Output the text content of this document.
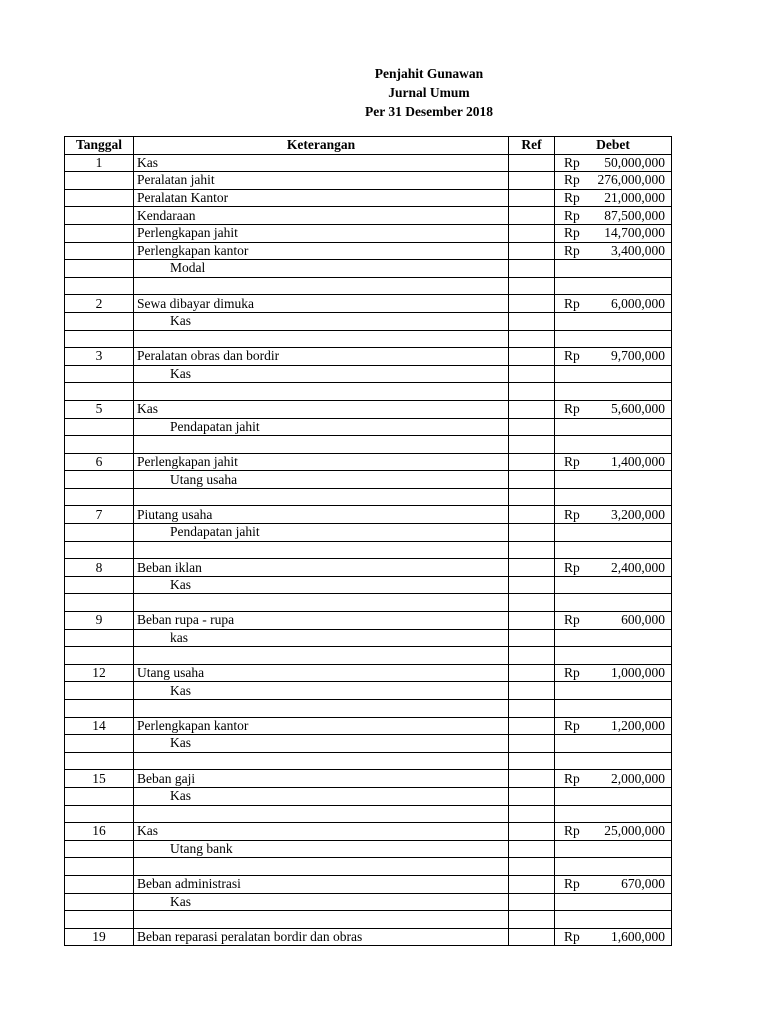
Penjahit Gunawan
Jurnal Umum
Per 31 Desember 2018
Tanggal	Keterangan	Ref	Debet
1	Kas		Rp 50,000,000

	Peralatan jahit		Rp 276,000,000

	Peralatan Kantor		Rp 21,000,000

	Kendaraan		Rp 87,500,000

	Perlengkapan jahit		Rp 14,700,000

	Perlengkapan kantor		Rp 3,400,000

	Modal		

2	Sewa dibayar dimuka		Rp 6,000,000

	Kas		

3	Peralatan obras dan bordir		Rp 9,700,000

	Kas		

5	Kas		Rp 5,600,000

	Pendapatan jahit		

6	Perlengkapan jahit		Rp 1,400,000

	Utang usaha		

7	Piutang usaha		Rp 3,200,000

	Pendapatan jahit		

8	Beban iklan		Rp 2,400,000

	Kas		

9	Beban rupa - rupa		Rp 600,000

	kas		

12	Utang usaha		Rp 1,000,000

	Kas		

14	Perlengkapan kantor		Rp 1,200,000

	Kas		

15	Beban gaji		Rp 2,000,000

	Kas		

16	Kas		Rp 25,000,000

	Utang bank		

	Beban administrasi		Rp 670,000

	Kas		

19	Beban reparasi peralatan bordir dan obras		Rp 1,600,000
